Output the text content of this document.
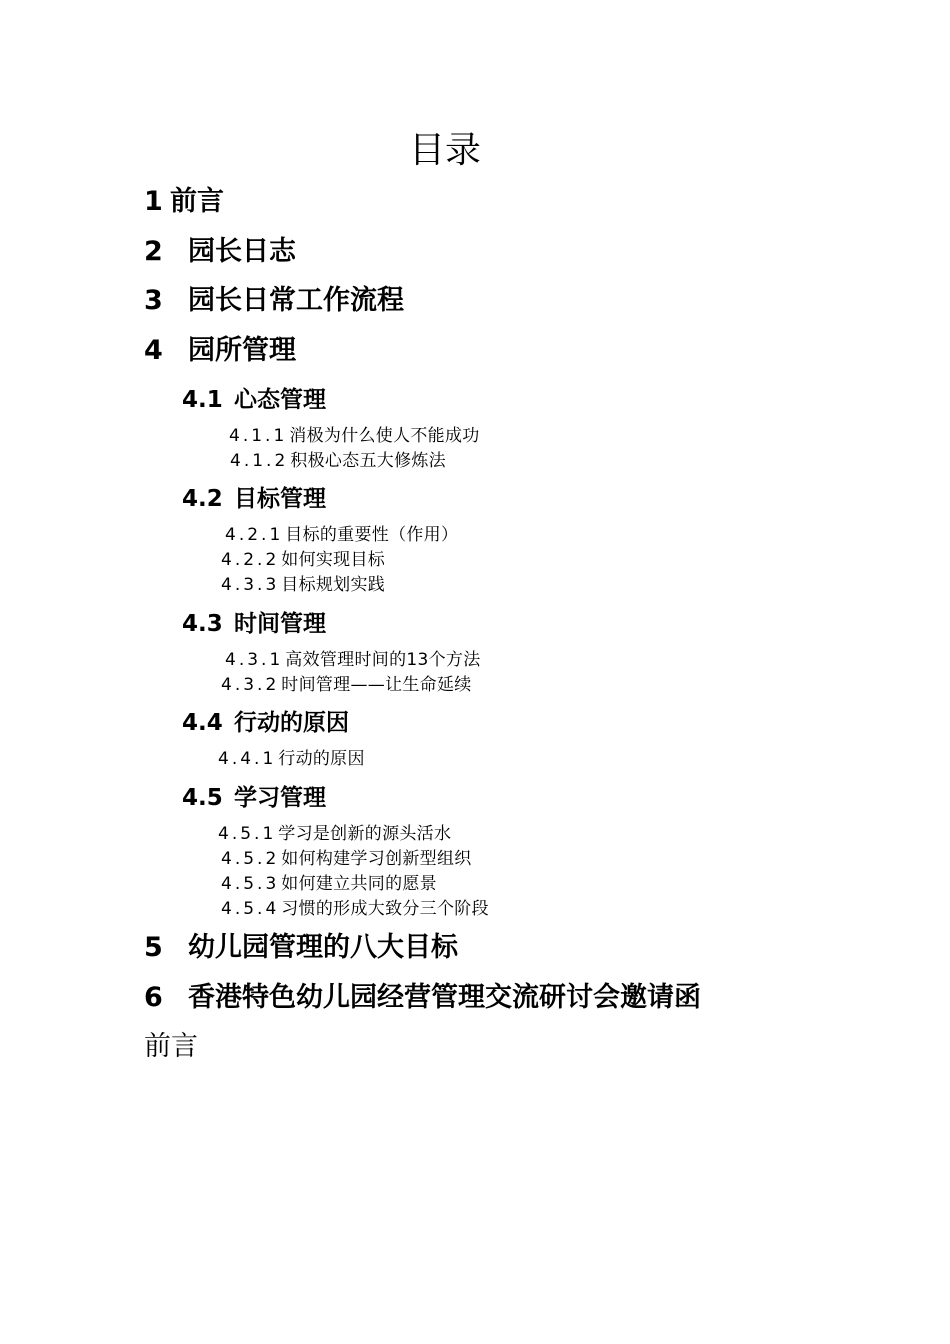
目录
1 前言
2 园长日志
3 园长日常工作流程
4 园所管理
4.1 心态管理
4.1.1 消极为什么使人不能成功
4.1.2 积极心态五大修炼法
4.2 目标管理
4.2.1 目标的重要性（作用）
4.2.2 如何实现目标
4.3.3 目标规划实践
4.3 时间管理
4.3.1 高效管理时间的13个方法
4.3.2 时间管理——让生命延续
4.4 行动的原因
4.4.1 行动的原因
4.5 学习管理
4.5.1 学习是创新的源头活水
4.5.2 如何构建学习创新型组织
4.5.3 如何建立共同的愿景
4.5.4 习惯的形成大致分三个阶段
5 幼儿园管理的八大目标
6 香港特色幼儿园经营管理交流研讨会邀请函
前言
